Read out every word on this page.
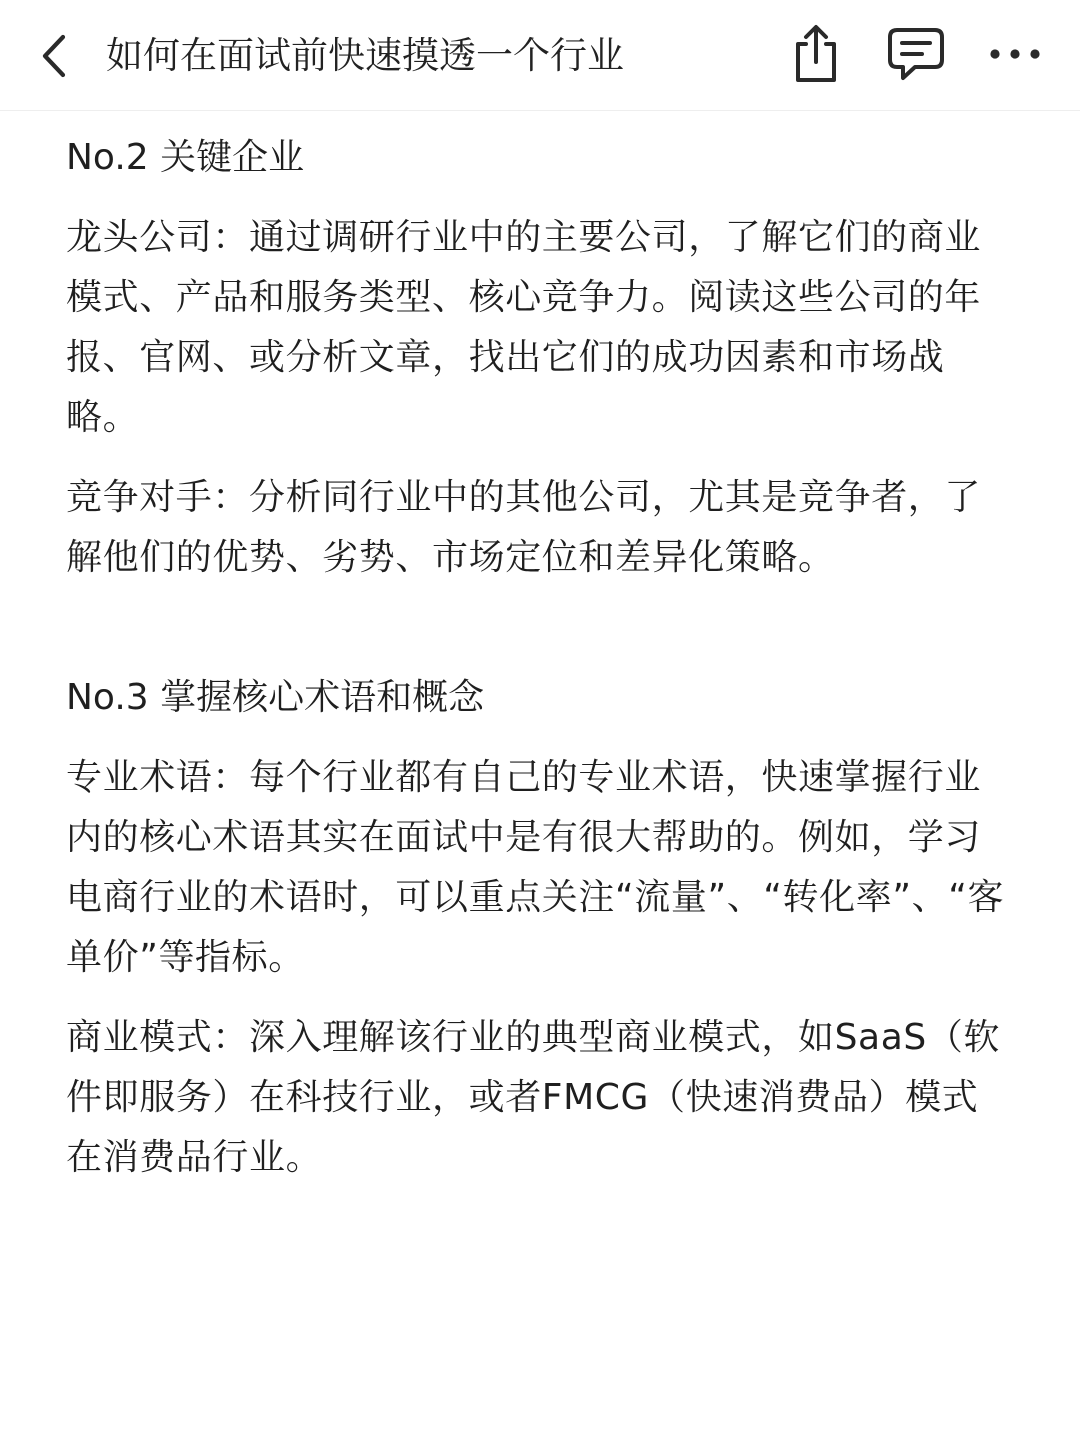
如何在面试前快速摸透一个行业

No.2 关键企业

龙头公司：通过调研行业中的主要公司，了解它们的商业模式、产品和服务类型、核心竞争力。阅读这些公司的年报、官网、或分析文章，找出它们的成功因素和市场战略。

竞争对手：分析同行业中的其他公司，尤其是竞争者，了解他们的优势、劣势、市场定位和差异化策略。

No.3 掌握核心术语和概念

专业术语：每个行业都有自己的专业术语，快速掌握行业内的核心术语其实在面试中是有很大帮助的。例如，学习电商行业的术语时，可以重点关注“流量”、“转化率”、“客单价”等指标。

商业模式：深入理解该行业的典型商业模式，如SaaS（软件即服务）在科技行业，或者FMCG（快速消费品）模式在消费品行业。
